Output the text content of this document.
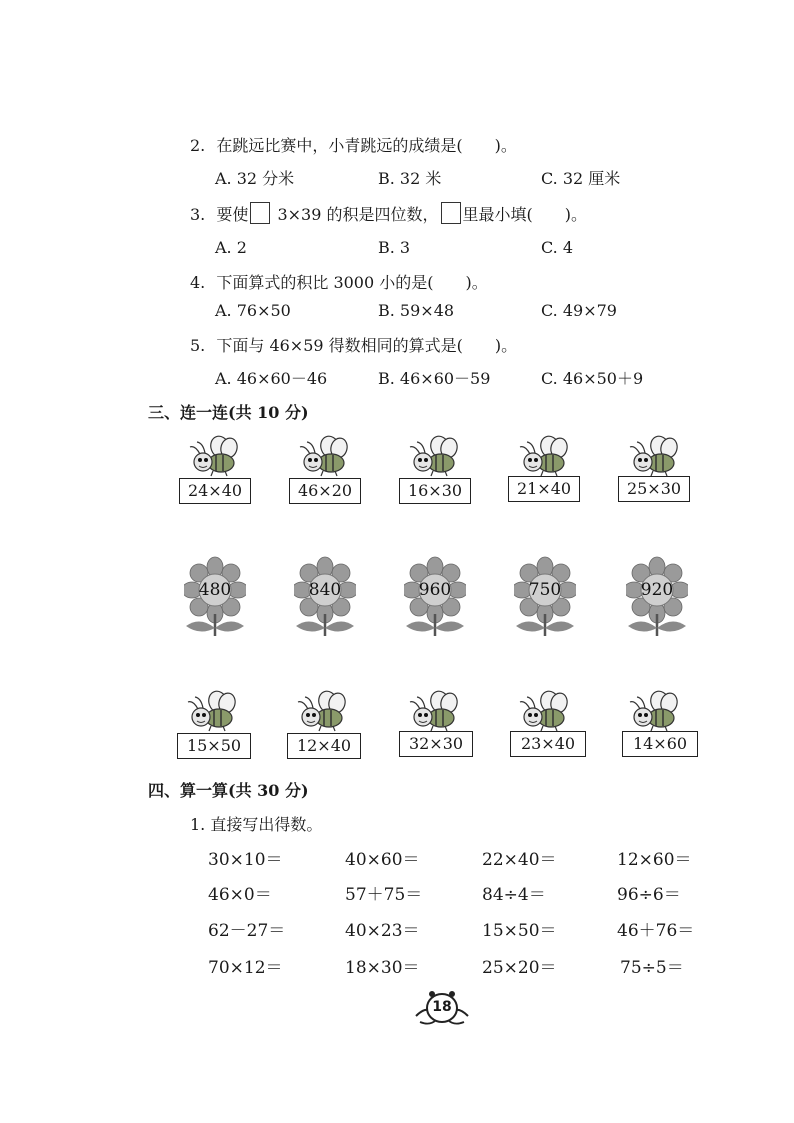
2. 在跳远比赛中，小青跳远的成绩是(　　)。
A. 32 分米	B. 32 米	C. 32 厘米
3. 要使 3×39 的积是四位数， 里最小填(　　)。
A. 2	B. 3	C. 4
4. 下面算式的积比 3000 小的是(　　)。
A. 76×50	B. 59×48	C. 49×79
5. 下面与 46×59 得数相同的算式是(　　)。
A. 46×60－46	B. 46×60－59	C. 46×50＋9
三、连一连(共 10 分)
24×40	46×20	16×30	21×40	25×30
480	840	960	750	920
15×50	12×40	32×30	23×40	14×60
四、算一算(共 30 分)
1. 直接写出得数。
30×10＝	40×60＝	22×40＝	12×60＝
46×0＝	57＋75＝	84÷4＝	96÷6＝
62－27＝	40×23＝	15×50＝	46＋76＝
70×12＝	18×30＝	25×20＝	75÷5＝
18
